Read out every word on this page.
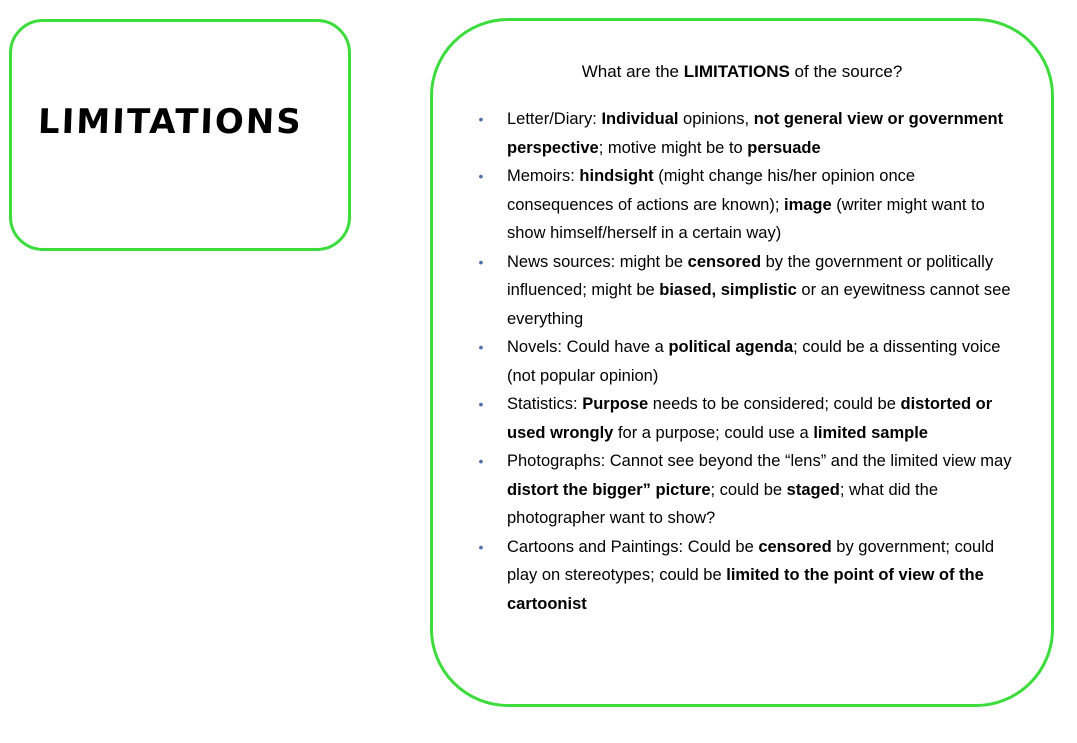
LIMITATIONS
What are the LIMITATIONS of the source?
• Letter/Diary: Individual opinions, not general view or government perspective; motive might be to persuade
• Memoirs: hindsight (might change his/her opinion once consequences of actions are known); image (writer might want to show himself/herself in a certain way)
• News sources: might be censored by the government or politically influenced; might be biased, simplistic or an eyewitness cannot see everything
• Novels: Could have a political agenda; could be a dissenting voice (not popular opinion)
• Statistics: Purpose needs to be considered; could be distorted or used wrongly for a purpose; could use a limited sample
• Photographs: Cannot see beyond the “lens” and the limited view may distort the bigger” picture; could be staged; what did the photographer want to show?
• Cartoons and Paintings: Could be censored by government; could play on stereotypes; could be limited to the point of view of the cartoonist
